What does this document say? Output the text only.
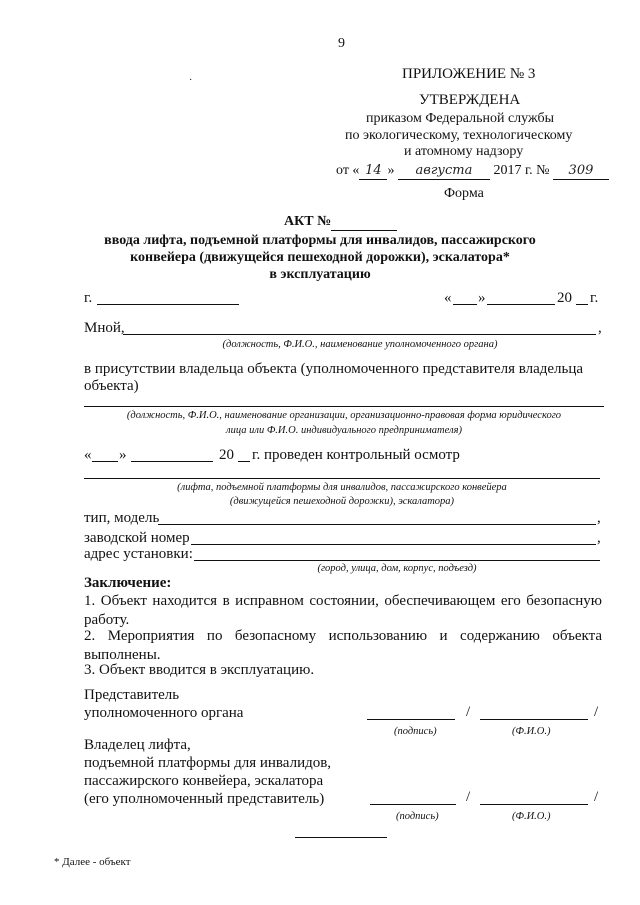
9
·	ПРИЛОЖЕНИЕ № 3
УТВЕРЖДЕНА
приказом Федеральной службы
по экологическому, технологическому
и атомному надзору
от « 14 » августа 2017 г. № 309
Форма
АКТ №
ввода лифта, подъемной платформы для инвалидов, пассажирского
конвейера (движущейся пешеходной дорожки), эскалатора*
в эксплуатацию
г.	« »	20 г.
Мной,	,
(должность, Ф.И.О., наименование уполномоченного органа)
в присутствии владельца объекта (уполномоченного представителя владельца объекта)
(должность, Ф.И.О., наименование организации, организационно-правовая форма юридического
лица или Ф.И.О. индивидуального предпринимателя)
« »	20 г. проведен контрольный осмотр
(лифта, подъемной платформы для инвалидов, пассажирского конвейера
(движущейся пешеходной дорожки), эскалатора)
тип, модель	,
заводской номер	,
адрес установки:
(город, улица, дом, корпус, подъезд)
Заключение:
1. Объект находится в исправном состоянии, обеспечивающем его безопасную работу.
2. Мероприятия по безопасному использованию и содержанию объекта выполнены.
3. Объект вводится в эксплуатацию.
Представитель
уполномоченного органа	/	/
(подпись)	(Ф.И.О.)
Владелец лифта,
подъемной платформы для инвалидов,
пассажирского конвейера, эскалатора
(его уполномоченный представитель)	/	/
(подпись)	(Ф.И.О.)
* Далее - объект
